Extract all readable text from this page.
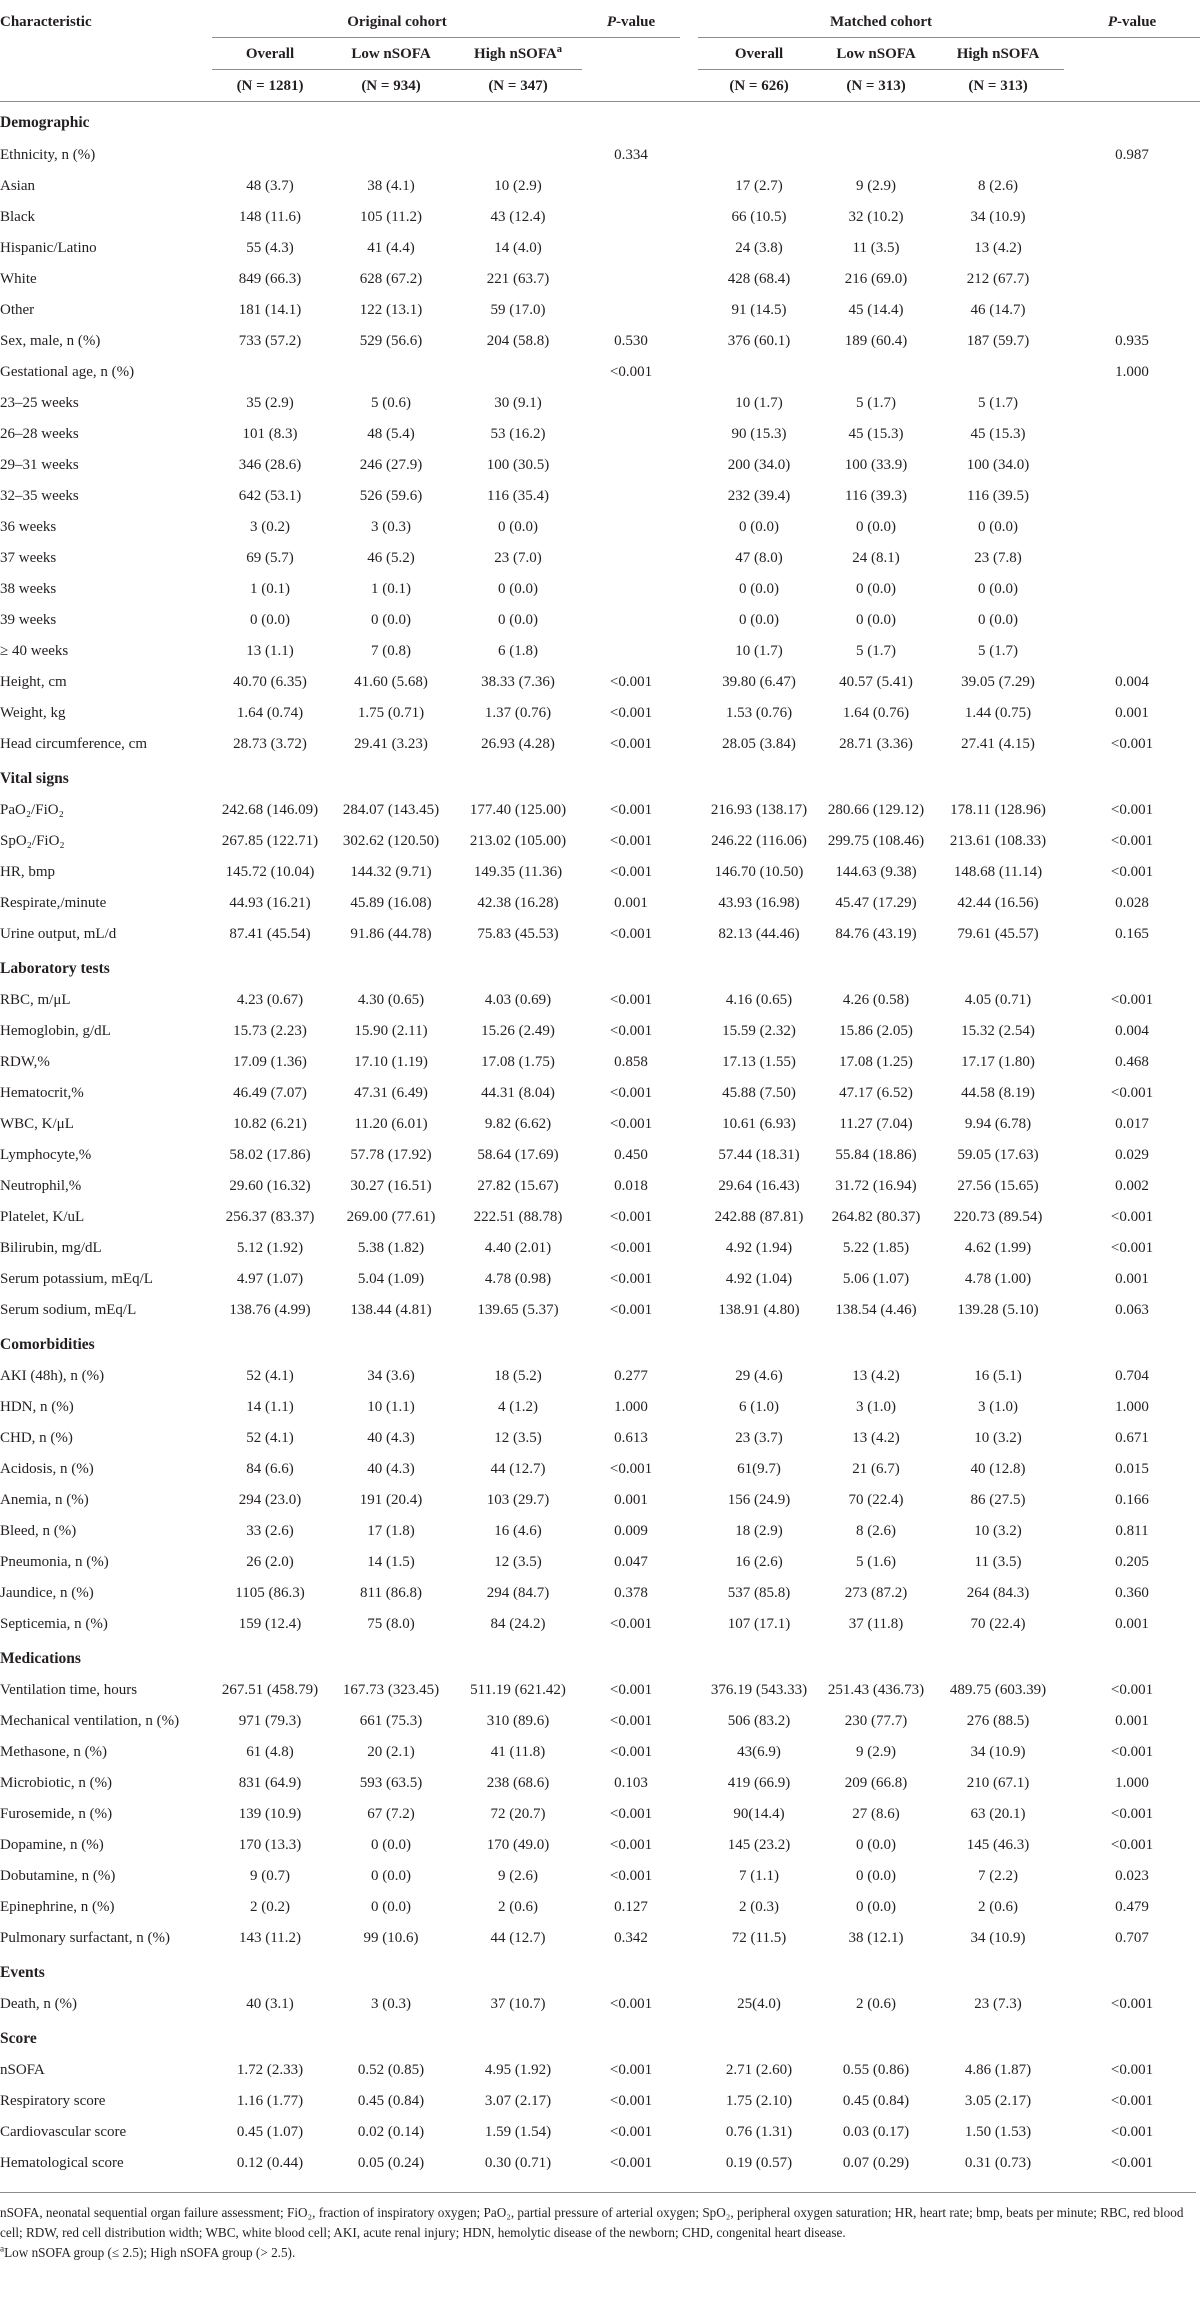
Characteristic	Original cohort			P-value		Matched cohort			P-value
	Overall	Low nSOFA	High nSOFA$^a$			Overall	Low nSOFA	High nSOFA	
	(N = 1281)	(N = 934)	(N = 347)			(N = 626)	(N = 313)	(N = 313)	
Demographic									
Ethnicity, n (%)				0.334					0.987
Asian	48 (3.7)	38 (4.1)	10 (2.9)			17 (2.7)	9 (2.9)	8 (2.6)	
Black	148 (11.6)	105 (11.2)	43 (12.4)			66 (10.5)	32 (10.2)	34 (10.9)	
Hispanic/Latino	55 (4.3)	41 (4.4)	14 (4.0)			24 (3.8)	11 (3.5)	13 (4.2)	
White	849 (66.3)	628 (67.2)	221 (63.7)			428 (68.4)	216 (69.0)	212 (67.7)	
Other	181 (14.1)	122 (13.1)	59 (17.0)			91 (14.5)	45 (14.4)	46 (14.7)	
Sex, male, n (%)	733 (57.2)	529 (56.6)	204 (58.8)	0.530		376 (60.1)	189 (60.4)	187 (59.7)	0.935
Gestational age, n (%)				<0.001					1.000
23–25 weeks	35 (2.9)	5 (0.6)	30 (9.1)			10 (1.7)	5 (1.7)	5 (1.7)	
26–28 weeks	101 (8.3)	48 (5.4)	53 (16.2)			90 (15.3)	45 (15.3)	45 (15.3)	
29–31 weeks	346 (28.6)	246 (27.9)	100 (30.5)			200 (34.0)	100 (33.9)	100 (34.0)	
32–35 weeks	642 (53.1)	526 (59.6)	116 (35.4)			232 (39.4)	116 (39.3)	116 (39.5)	
36 weeks	3 (0.2)	3 (0.3)	0 (0.0)			0 (0.0)	0 (0.0)	0 (0.0)	
37 weeks	69 (5.7)	46 (5.2)	23 (7.0)			47 (8.0)	24 (8.1)	23 (7.8)	
38 weeks	1 (0.1)	1 (0.1)	0 (0.0)			0 (0.0)	0 (0.0)	0 (0.0)	
39 weeks	0 (0.0)	0 (0.0)	0 (0.0)			0 (0.0)	0 (0.0)	0 (0.0)	
≥ 40 weeks	13 (1.1)	7 (0.8)	6 (1.8)			10 (1.7)	5 (1.7)	5 (1.7)	
Height, cm	40.70 (6.35)	41.60 (5.68)	38.33 (7.36)	<0.001		39.80 (6.47)	40.57 (5.41)	39.05 (7.29)	0.004
Weight, kg	1.64 (0.74)	1.75 (0.71)	1.37 (0.76)	<0.001		1.53 (0.76)	1.64 (0.76)	1.44 (0.75)	0.001
Head circumference, cm	28.73 (3.72)	29.41 (3.23)	26.93 (4.28)	<0.001		28.05 (3.84)	28.71 (3.36)	27.41 (4.15)	<0.001
Vital signs									
PaO₂/FiO₂	242.68 (146.09)	284.07 (143.45)	177.40 (125.00)	<0.001		216.93 (138.17)	280.66 (129.12)	178.11 (128.96)	<0.001
SpO₂/FiO₂	267.85 (122.71)	302.62 (120.50)	213.02 (105.00)	<0.001		246.22 (116.06)	299.75 (108.46)	213.61 (108.33)	<0.001
HR, bmp	145.72 (10.04)	144.32 (9.71)	149.35 (11.36)	<0.001		146.70 (10.50)	144.63 (9.38)	148.68 (11.14)	<0.001
Respirate,/minute	44.93 (16.21)	45.89 (16.08)	42.38 (16.28)	0.001		43.93 (16.98)	45.47 (17.29)	42.44 (16.56)	0.028
Urine output, mL/d	87.41 (45.54)	91.86 (44.78)	75.83 (45.53)	<0.001		82.13 (44.46)	84.76 (43.19)	79.61 (45.57)	0.165
Laboratory tests									
RBC, m/μL	4.23 (0.67)	4.30 (0.65)	4.03 (0.69)	<0.001		4.16 (0.65)	4.26 (0.58)	4.05 (0.71)	<0.001
Hemoglobin, g/dL	15.73 (2.23)	15.90 (2.11)	15.26 (2.49)	<0.001		15.59 (2.32)	15.86 (2.05)	15.32 (2.54)	0.004
RDW,%	17.09 (1.36)	17.10 (1.19)	17.08 (1.75)	0.858		17.13 (1.55)	17.08 (1.25)	17.17 (1.80)	0.468
Hematocrit,%	46.49 (7.07)	47.31 (6.49)	44.31 (8.04)	<0.001		45.88 (7.50)	47.17 (6.52)	44.58 (8.19)	<0.001
WBC, K/μL	10.82 (6.21)	11.20 (6.01)	9.82 (6.62)	<0.001		10.61 (6.93)	11.27 (7.04)	9.94 (6.78)	0.017
Lymphocyte,%	58.02 (17.86)	57.78 (17.92)	58.64 (17.69)	0.450		57.44 (18.31)	55.84 (18.86)	59.05 (17.63)	0.029
Neutrophil,%	29.60 (16.32)	30.27 (16.51)	27.82 (15.67)	0.018		29.64 (16.43)	31.72 (16.94)	27.56 (15.65)	0.002
Platelet, K/uL	256.37 (83.37)	269.00 (77.61)	222.51 (88.78)	<0.001		242.88 (87.81)	264.82 (80.37)	220.73 (89.54)	<0.001
Bilirubin, mg/dL	5.12 (1.92)	5.38 (1.82)	4.40 (2.01)	<0.001		4.92 (1.94)	5.22 (1.85)	4.62 (1.99)	<0.001
Serum potassium, mEq/L	4.97 (1.07)	5.04 (1.09)	4.78 (0.98)	<0.001		4.92 (1.04)	5.06 (1.07)	4.78 (1.00)	0.001
Serum sodium, mEq/L	138.76 (4.99)	138.44 (4.81)	139.65 (5.37)	<0.001		138.91 (4.80)	138.54 (4.46)	139.28 (5.10)	0.063
Comorbidities									
AKI (48h), n (%)	52 (4.1)	34 (3.6)	18 (5.2)	0.277		29 (4.6)	13 (4.2)	16 (5.1)	0.704
HDN, n (%)	14 (1.1)	10 (1.1)	4 (1.2)	1.000		6 (1.0)	3 (1.0)	3 (1.0)	1.000
CHD, n (%)	52 (4.1)	40 (4.3)	12 (3.5)	0.613		23 (3.7)	13 (4.2)	10 (3.2)	0.671
Acidosis, n (%)	84 (6.6)	40 (4.3)	44 (12.7)	<0.001		61(9.7)	21 (6.7)	40 (12.8)	0.015
Anemia, n (%)	294 (23.0)	191 (20.4)	103 (29.7)	0.001		156 (24.9)	70 (22.4)	86 (27.5)	0.166
Bleed, n (%)	33 (2.6)	17 (1.8)	16 (4.6)	0.009		18 (2.9)	8 (2.6)	10 (3.2)	0.811
Pneumonia, n (%)	26 (2.0)	14 (1.5)	12 (3.5)	0.047		16 (2.6)	5 (1.6)	11 (3.5)	0.205
Jaundice, n (%)	1105 (86.3)	811 (86.8)	294 (84.7)	0.378		537 (85.8)	273 (87.2)	264 (84.3)	0.360
Septicemia, n (%)	159 (12.4)	75 (8.0)	84 (24.2)	<0.001		107 (17.1)	37 (11.8)	70 (22.4)	0.001
Medications									
Ventilation time, hours	267.51 (458.79)	167.73 (323.45)	511.19 (621.42)	<0.001		376.19 (543.33)	251.43 (436.73)	489.75 (603.39)	<0.001
Mechanical ventilation, n (%)	971 (79.3)	661 (75.3)	310 (89.6)	<0.001		506 (83.2)	230 (77.7)	276 (88.5)	0.001
Methasone, n (%)	61 (4.8)	20 (2.1)	41 (11.8)	<0.001		43(6.9)	9 (2.9)	34 (10.9)	<0.001
Microbiotic, n (%)	831 (64.9)	593 (63.5)	238 (68.6)	0.103		419 (66.9)	209 (66.8)	210 (67.1)	1.000
Furosemide, n (%)	139 (10.9)	67 (7.2)	72 (20.7)	<0.001		90(14.4)	27 (8.6)	63 (20.1)	<0.001
Dopamine, n (%)	170 (13.3)	0 (0.0)	170 (49.0)	<0.001		145 (23.2)	0 (0.0)	145 (46.3)	<0.001
Dobutamine, n (%)	9 (0.7)	0 (0.0)	9 (2.6)	<0.001		7 (1.1)	0 (0.0)	7 (2.2)	0.023
Epinephrine, n (%)	2 (0.2)	0 (0.0)	2 (0.6)	0.127		2 (0.3)	0 (0.0)	2 (0.6)	0.479
Pulmonary surfactant, n (%)	143 (11.2)	99 (10.6)	44 (12.7)	0.342		72 (11.5)	38 (12.1)	34 (10.9)	0.707
Events									
Death, n (%)	40 (3.1)	3 (0.3)	37 (10.7)	<0.001		25(4.0)	2 (0.6)	23 (7.3)	<0.001
Score									
nSOFA	1.72 (2.33)	0.52 (0.85)	4.95 (1.92)	<0.001		2.71 (2.60)	0.55 (0.86)	4.86 (1.87)	<0.001
Respiratory score	1.16 (1.77)	0.45 (0.84)	3.07 (2.17)	<0.001		1.75 (2.10)	0.45 (0.84)	3.05 (2.17)	<0.001
Cardiovascular score	0.45 (1.07)	0.02 (0.14)	1.59 (1.54)	<0.001		0.76 (1.31)	0.03 (0.17)	1.50 (1.53)	<0.001
Hematological score	0.12 (0.44)	0.05 (0.24)	0.30 (0.71)	<0.001		0.19 (0.57)	0.07 (0.29)	0.31 (0.73)	<0.001

nSOFA, neonatal sequential organ failure assessment; FiO₂, fraction of inspiratory oxygen; PaO₂, partial pressure of arterial oxygen; SpO₂, peripheral oxygen saturation; HR, heart rate; bmp, beats per minute; RBC, red blood cell; RDW, red cell distribution width; WBC, white blood cell; AKI, acute renal injury; HDN, hemolytic disease of the newborn; CHD, congenital heart disease.

$^a$Low nSOFA group (≤ 2.5); High nSOFA group (> 2.5).
